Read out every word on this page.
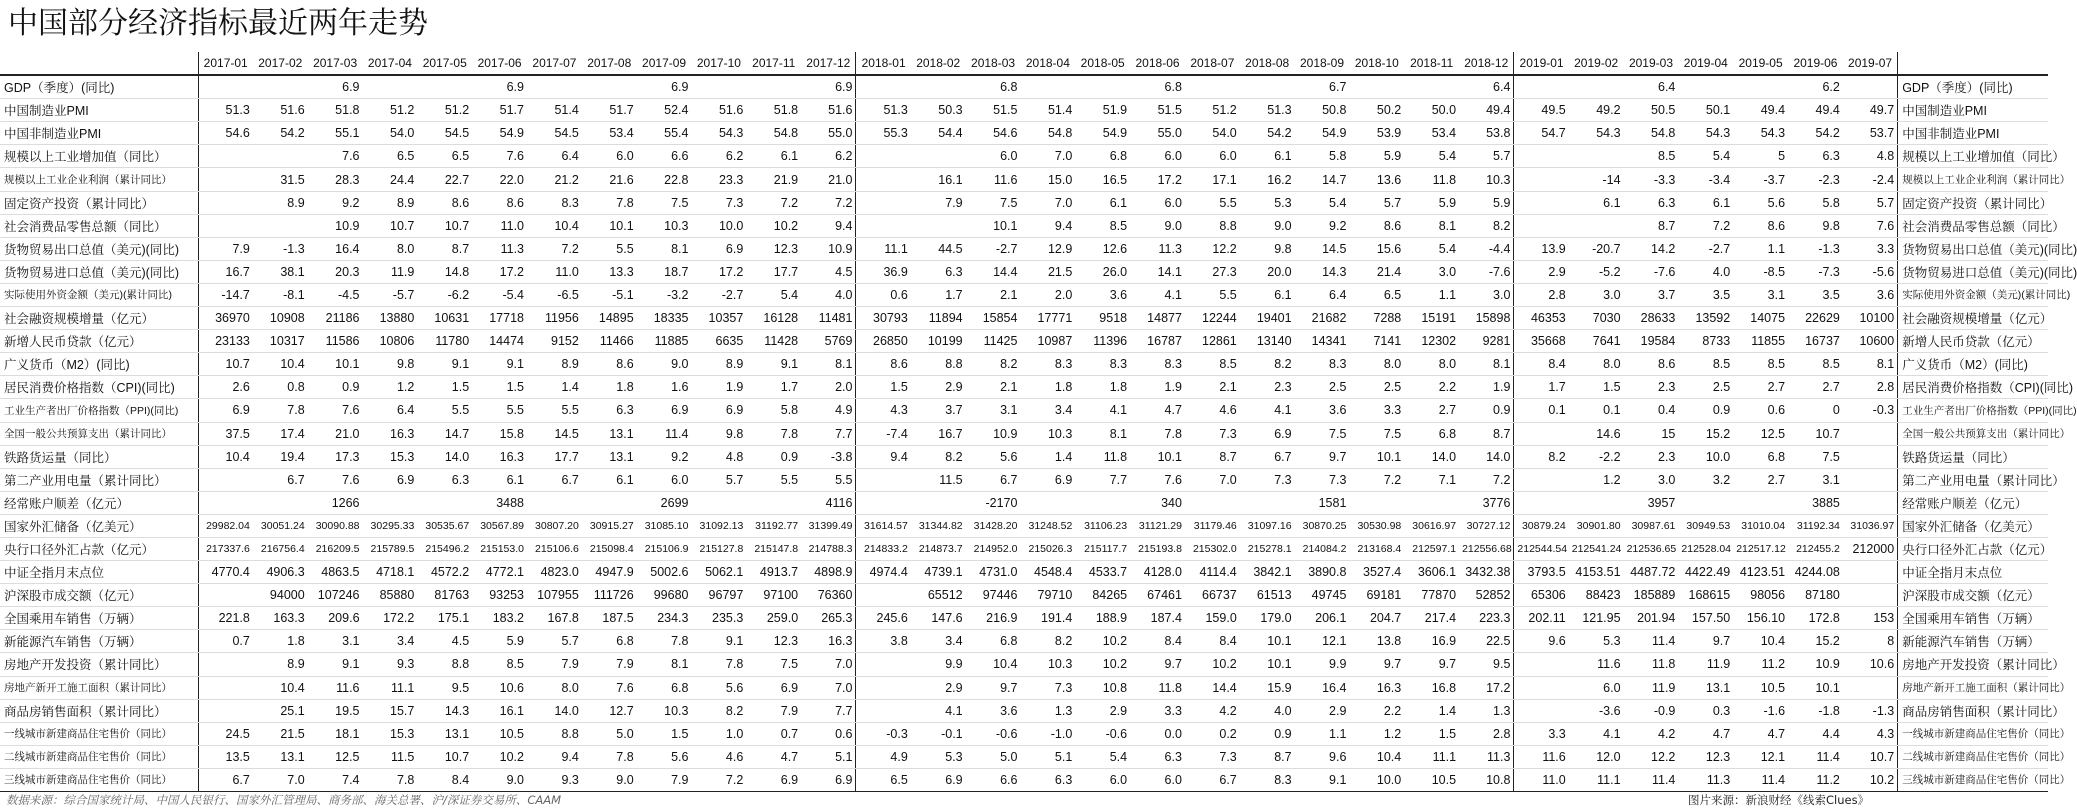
中国部分经济指标最近两年走势
	2017-01	2017-02	2017-03	2017-04	2017-05	2017-06	2017-07	2017-08	2017-09	2017-10	2017-11	2017-12	2018-01	2018-02	2018-03	2018-04	2018-05	2018-06	2018-07	2018-08	2018-09	2018-10	2018-11	2018-12	2019-01	2019-02	2019-03	2019-04	2019-05	2019-06	2019-07	
GDP（季度）(同比)			6.9			6.9			6.9			6.9			6.8			6.8			6.7			6.4			6.4			6.2		GDP（季度）(同比)
中国制造业PMI	51.3	51.6	51.8	51.2	51.2	51.7	51.4	51.7	52.4	51.6	51.8	51.6	51.3	50.3	51.5	51.4	51.9	51.5	51.2	51.3	50.8	50.2	50.0	49.4	49.5	49.2	50.5	50.1	49.4	49.4	49.7	中国制造业PMI
中国非制造业PMI	54.6	54.2	55.1	54.0	54.5	54.9	54.5	53.4	55.4	54.3	54.8	55.0	55.3	54.4	54.6	54.8	54.9	55.0	54.0	54.2	54.9	53.9	53.4	53.8	54.7	54.3	54.8	54.3	54.3	54.2	53.7	中国非制造业PMI
规模以上工业增加值（同比）			7.6	6.5	6.5	7.6	6.4	6.0	6.6	6.2	6.1	6.2			6.0	7.0	6.8	6.0	6.0	6.1	5.8	5.9	5.4	5.7			8.5	5.4	5	6.3	4.8	规模以上工业增加值（同比）
规模以上工业企业利润（累计同比）		31.5	28.3	24.4	22.7	22.0	21.2	21.6	22.8	23.3	21.9	21.0		16.1	11.6	15.0	16.5	17.2	17.1	16.2	14.7	13.6	11.8	10.3		-14	-3.3	-3.4	-3.7	-2.3	-2.4	规模以上工业企业利润（累计同比）
固定资产投资（累计同比）		8.9	9.2	8.9	8.6	8.6	8.3	7.8	7.5	7.3	7.2	7.2		7.9	7.5	7.0	6.1	6.0	5.5	5.3	5.4	5.7	5.9	5.9		6.1	6.3	6.1	5.6	5.8	5.7	固定资产投资（累计同比）
社会消费品零售总额（同比）			10.9	10.7	10.7	11.0	10.4	10.1	10.3	10.0	10.2	9.4			10.1	9.4	8.5	9.0	8.8	9.0	9.2	8.6	8.1	8.2			8.7	7.2	8.6	9.8	7.6	社会消费品零售总额（同比）
货物贸易出口总值（美元)(同比)	7.9	-1.3	16.4	8.0	8.7	11.3	7.2	5.5	8.1	6.9	12.3	10.9	11.1	44.5	-2.7	12.9	12.6	11.3	12.2	9.8	14.5	15.6	5.4	-4.4	13.9	-20.7	14.2	-2.7	1.1	-1.3	3.3	货物贸易出口总值（美元)(同比)
货物贸易进口总值（美元)(同比)	16.7	38.1	20.3	11.9	14.8	17.2	11.0	13.3	18.7	17.2	17.7	4.5	36.9	6.3	14.4	21.5	26.0	14.1	27.3	20.0	14.3	21.4	3.0	-7.6	2.9	-5.2	-7.6	4.0	-8.5	-7.3	-5.6	货物贸易进口总值（美元)(同比)
实际使用外资金额（美元)(累计同比)	-14.7	-8.1	-4.5	-5.7	-6.2	-5.4	-6.5	-5.1	-3.2	-2.7	5.4	4.0	0.6	1.7	2.1	2.0	3.6	4.1	5.5	6.1	6.4	6.5	1.1	3.0	2.8	3.0	3.7	3.5	3.1	3.5	3.6	实际使用外资金额（美元)(累计同比)
社会融资规模增量（亿元）	36970	10908	21186	13880	10631	17718	11956	14895	18335	10357	16128	11481	30793	11894	15854	17771	9518	14877	12244	19401	21682	7288	15191	15898	46353	7030	28633	13592	14075	22629	10100	社会融资规模增量（亿元）
新增人民币贷款（亿元）	23133	10317	11586	10806	11780	14474	9152	11466	11885	6635	11428	5769	26850	10199	11425	10987	11396	16787	12861	13140	14341	7141	12302	9281	35668	7641	19584	8733	11855	16737	10600	新增人民币贷款（亿元）
广义货币（M2）(同比)	10.7	10.4	10.1	9.8	9.1	9.1	8.9	8.6	9.0	8.9	9.1	8.1	8.6	8.8	8.2	8.3	8.3	8.3	8.5	8.2	8.3	8.0	8.0	8.1	8.4	8.0	8.6	8.5	8.5	8.5	8.1	广义货币（M2）(同比)
居民消费价格指数（CPI)(同比)	2.6	0.8	0.9	1.2	1.5	1.5	1.4	1.8	1.6	1.9	1.7	2.0	1.5	2.9	2.1	1.8	1.8	1.9	2.1	2.3	2.5	2.5	2.2	1.9	1.7	1.5	2.3	2.5	2.7	2.7	2.8	居民消费价格指数（CPI)(同比)
工业生产者出厂价格指数（PPI)(同比)	6.9	7.8	7.6	6.4	5.5	5.5	5.5	6.3	6.9	6.9	5.8	4.9	4.3	3.7	3.1	3.4	4.1	4.7	4.6	4.1	3.6	3.3	2.7	0.9	0.1	0.1	0.4	0.9	0.6	0	-0.3	工业生产者出厂价格指数（PPI)(同比)
全国一般公共预算支出（累计同比）	37.5	17.4	21.0	16.3	14.7	15.8	14.5	13.1	11.4	9.8	7.8	7.7	-7.4	16.7	10.9	10.3	8.1	7.8	7.3	6.9	7.5	7.5	6.8	8.7		14.6	15	15.2	12.5	10.7		全国一般公共预算支出（累计同比）
铁路货运量（同比）	10.4	19.4	17.3	15.3	14.0	16.3	17.7	13.1	9.2	4.8	0.9	-3.8	9.4	8.2	5.6	1.4	11.8	10.1	8.7	6.7	9.7	10.1	14.0	14.0	8.2	-2.2	2.3	10.0	6.8	7.5		铁路货运量（同比）
第二产业用电量（累计同比）		6.7	7.6	6.9	6.3	6.1	6.7	6.1	6.0	5.7	5.5	5.5		11.5	6.7	6.9	7.7	7.6	7.0	7.3	7.3	7.2	7.1	7.2		1.2	3.0	3.2	2.7	3.1		第二产业用电量（累计同比）
经常账户顺差（亿元）			1266			3488			2699			4116			-2170			340			1581			3776			3957			3885		经常账户顺差（亿元）
国家外汇储备（亿美元）	29982.04	30051.24	30090.88	30295.33	30535.67	30567.89	30807.20	30915.27	31085.10	31092.13	31192.77	31399.49	31614.57	31344.82	31428.20	31248.52	31106.23	31121.29	31179.46	31097.16	30870.25	30530.98	30616.97	30727.12	30879.24	30901.80	30987.61	30949.53	31010.04	31192.34	31036.97	国家外汇储备（亿美元）
央行口径外汇占款（亿元）	217337.6	216756.4	216209.5	215789.5	215496.2	215153.0	215106.6	215098.4	215106.9	215127.8	215147.8	214788.3	214833.2	214873.7	214952.0	215026.3	215117.7	215193.8	215302.0	215278.1	214084.2	213168.4	212597.1	212556.68	212544.54	212541.24	212536.65	212528.04	212517.12	212455.2	212000	央行口径外汇占款（亿元）
中证全指月末点位	4770.4	4906.3	4863.5	4718.1	4572.2	4772.1	4823.0	4947.9	5002.6	5062.1	4913.7	4898.9	4974.4	4739.1	4731.0	4548.4	4533.7	4128.0	4114.4	3842.1	3890.8	3527.4	3606.1	3432.38	3793.5	4153.51	4487.72	4422.49	4123.51	4244.08		中证全指月末点位
沪深股市成交额（亿元）		94000	107246	85880	81763	93253	107955	111726	99680	96797	97100	76360		65512	97446	79710	84265	67461	66737	61513	49745	69181	77870	52852	65306	88423	185889	168615	98056	87180		沪深股市成交额（亿元）
全国乘用车销售（万辆）	221.8	163.3	209.6	172.2	175.1	183.2	167.8	187.5	234.3	235.3	259.0	265.3	245.6	147.6	216.9	191.4	188.9	187.4	159.0	179.0	206.1	204.7	217.4	223.3	202.11	121.95	201.94	157.50	156.10	172.8	153	全国乘用车销售（万辆）
新能源汽车销售（万辆）	0.7	1.8	3.1	3.4	4.5	5.9	5.7	6.8	7.8	9.1	12.3	16.3	3.8	3.4	6.8	8.2	10.2	8.4	8.4	10.1	12.1	13.8	16.9	22.5	9.6	5.3	11.4	9.7	10.4	15.2	8	新能源汽车销售（万辆）
房地产开发投资（累计同比）		8.9	9.1	9.3	8.8	8.5	7.9	7.9	8.1	7.8	7.5	7.0		9.9	10.4	10.3	10.2	9.7	10.2	10.1	9.9	9.7	9.7	9.5		11.6	11.8	11.9	11.2	10.9	10.6	房地产开发投资（累计同比）
房地产新开工施工面积（累计同比）		10.4	11.6	11.1	9.5	10.6	8.0	7.6	6.8	5.6	6.9	7.0		2.9	9.7	7.3	10.8	11.8	14.4	15.9	16.4	16.3	16.8	17.2		6.0	11.9	13.1	10.5	10.1		房地产新开工施工面积（累计同比）
商品房销售面积（累计同比）		25.1	19.5	15.7	14.3	16.1	14.0	12.7	10.3	8.2	7.9	7.7		4.1	3.6	1.3	2.9	3.3	4.2	4.0	2.9	2.2	1.4	1.3		-3.6	-0.9	0.3	-1.6	-1.8	-1.3	商品房销售面积（累计同比）
一线城市新建商品住宅售价（同比）	24.5	21.5	18.1	15.3	13.1	10.5	8.8	5.0	1.5	1.0	0.7	0.6	-0.3	-0.1	-0.6	-1.0	-0.6	0.0	0.2	0.9	1.1	1.2	1.5	2.8	3.3	4.1	4.2	4.7	4.7	4.4	4.3	一线城市新建商品住宅售价（同比）
二线城市新建商品住宅售价（同比）	13.5	13.1	12.5	11.5	10.7	10.2	9.4	7.8	5.6	4.6	4.7	5.1	4.9	5.3	5.0	5.1	5.4	6.3	7.3	8.7	9.6	10.4	11.1	11.3	11.6	12.0	12.2	12.3	12.1	11.4	10.7	二线城市新建商品住宅售价（同比）
三线城市新建商品住宅售价（同比）	6.7	7.0	7.4	7.8	8.4	9.0	9.3	9.0	7.9	7.2	6.9	6.9	6.5	6.9	6.6	6.3	6.0	6.0	6.7	8.3	9.1	10.0	10.5	10.8	11.0	11.1	11.4	11.3	11.4	11.2	10.2	三线城市新建商品住宅售价（同比）
数据来源：综合国家统计局、中国人民银行、国家外汇管理局、商务部、海关总署、沪/深证券交易所、CAAM	图片来源：新浪财经《线索Clues》
